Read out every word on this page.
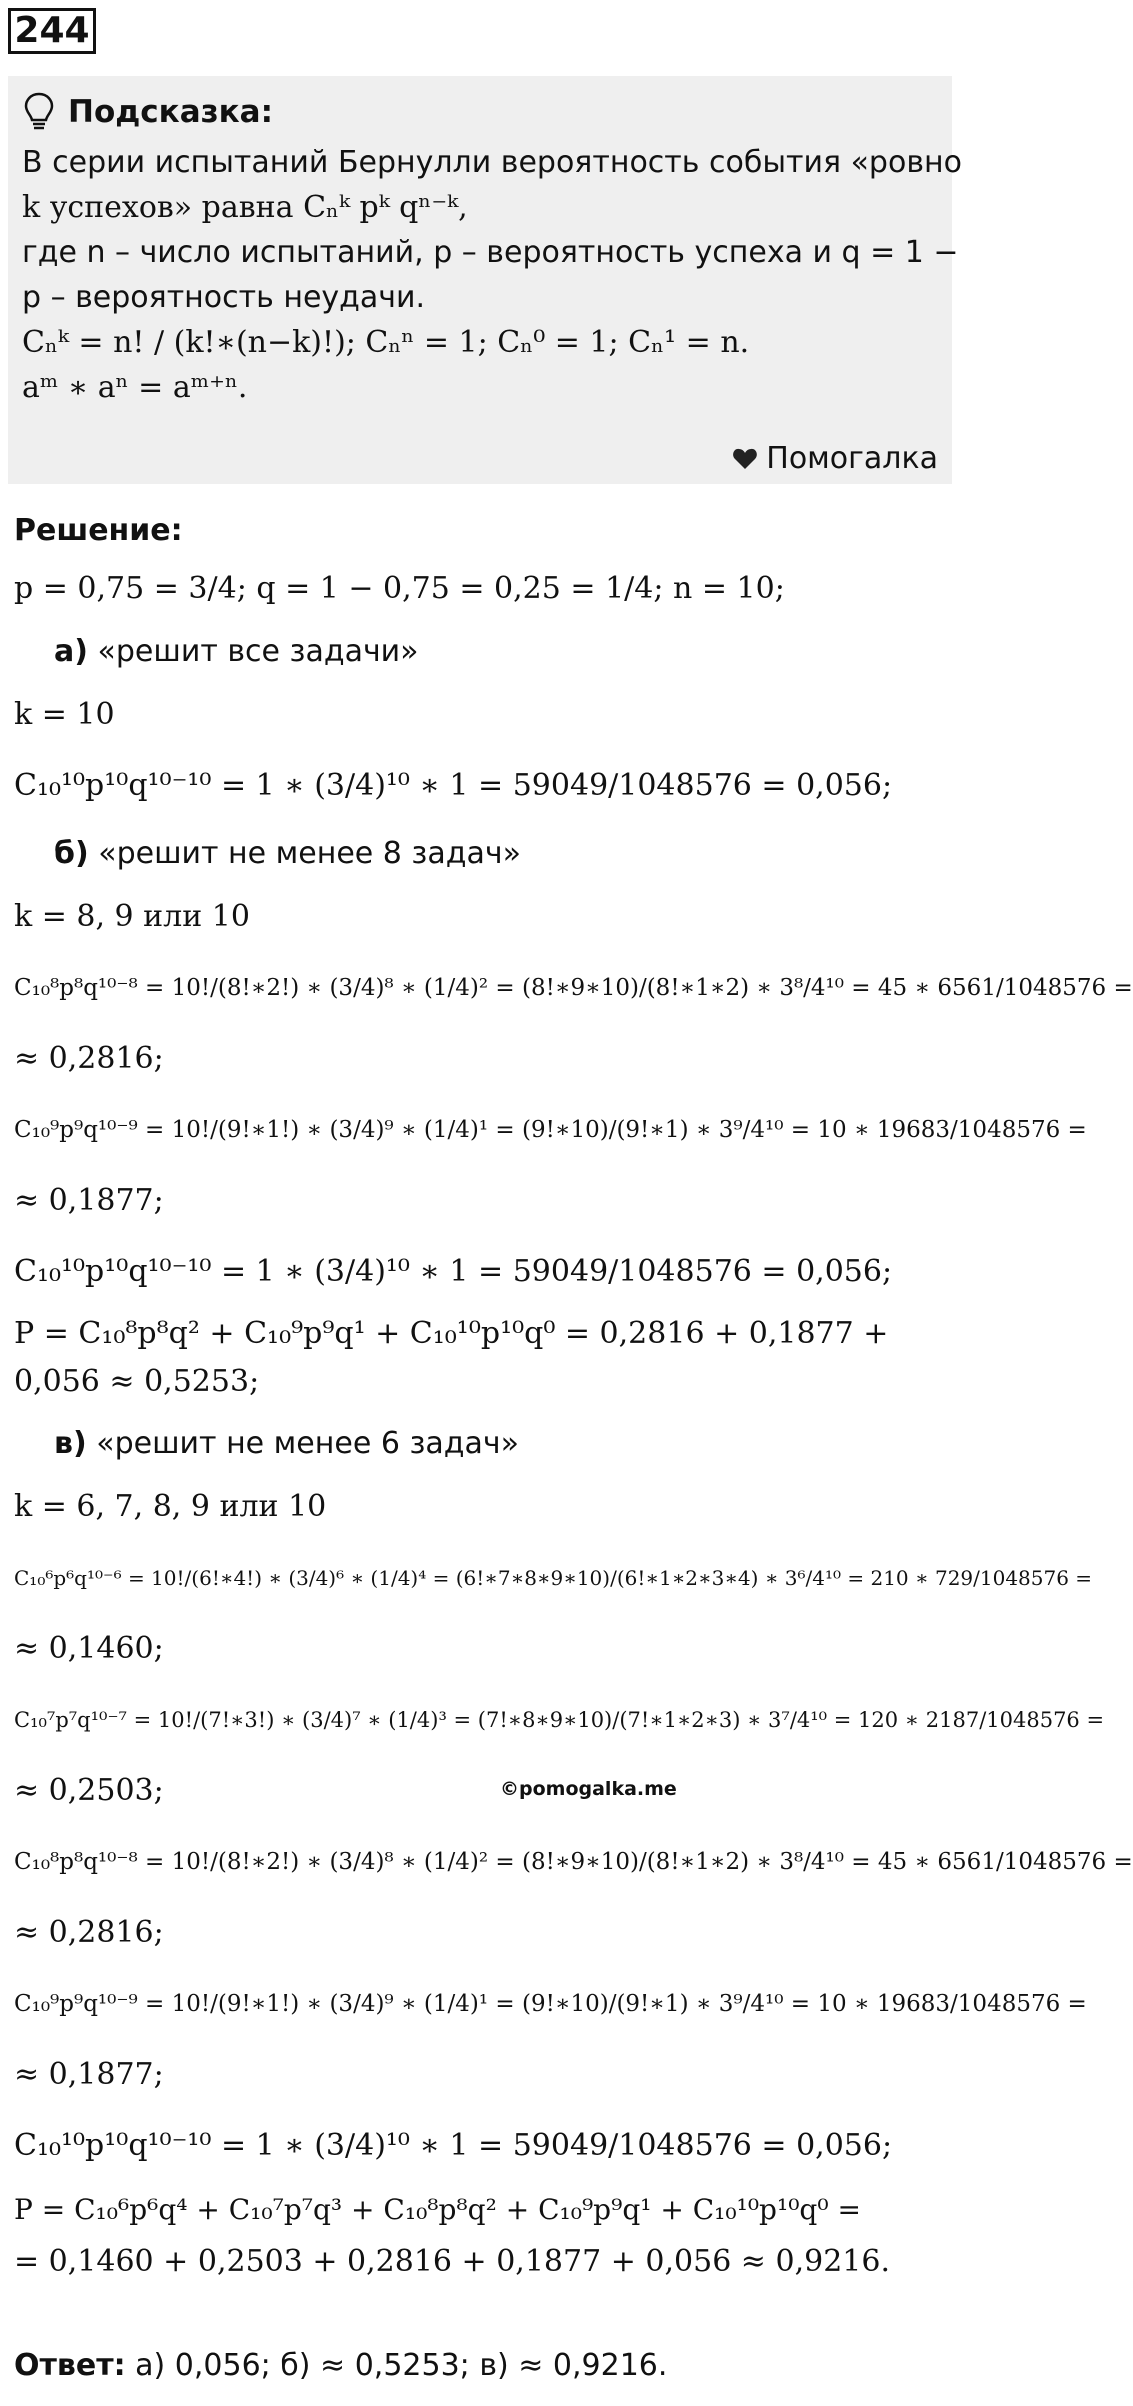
244
Подсказка:
В серии испытаний Бернулли вероятность события «ровно
k успехов» равна Cₙᵏ pᵏ qⁿ⁻ᵏ,
где n – число испытаний, p – вероятность успеха и q = 1 −
p – вероятность неудачи.
Cₙᵏ = n! / (k!∗(n−k)!); Cₙⁿ = 1; Cₙ⁰ = 1; Cₙ¹ = n.
aᵐ ∗ aⁿ = aᵐ⁺ⁿ.
Помогалка
Решение:
p = 0,75 = 3/4; q = 1 − 0,75 = 0,25 = 1/4; n = 10;
а) «решит все задачи»
k = 10
C₁₀¹⁰p¹⁰q¹⁰⁻¹⁰ = 1 ∗ (3/4)¹⁰ ∗ 1 = 59049/1048576 = 0,056;
б) «решит не менее 8 задач»
k = 8, 9 или 10
C₁₀⁸p⁸q¹⁰⁻⁸ = 10!/(8!∗2!) ∗ (3/4)⁸ ∗ (1/4)² = (8!∗9∗10)/(8!∗1∗2) ∗ 3⁸/4¹⁰ = 45 ∗ 6561/1048576 =
≈ 0,2816;
C₁₀⁹p⁹q¹⁰⁻⁹ = 10!/(9!∗1!) ∗ (3/4)⁹ ∗ (1/4)¹ = (9!∗10)/(9!∗1) ∗ 3⁹/4¹⁰ = 10 ∗ 19683/1048576 =
≈ 0,1877;
C₁₀¹⁰p¹⁰q¹⁰⁻¹⁰ = 1 ∗ (3/4)¹⁰ ∗ 1 = 59049/1048576 = 0,056;
P = C₁₀⁸p⁸q² + C₁₀⁹p⁹q¹ + C₁₀¹⁰p¹⁰q⁰ = 0,2816 + 0,1877 +
0,056 ≈ 0,5253;
в) «решит не менее 6 задач»
k = 6, 7, 8, 9 или 10
C₁₀⁶p⁶q¹⁰⁻⁶ = 10!/(6!∗4!) ∗ (3/4)⁶ ∗ (1/4)⁴ = (6!∗7∗8∗9∗10)/(6!∗1∗2∗3∗4) ∗ 3⁶/4¹⁰ = 210 ∗ 729/1048576 =
≈ 0,1460;
C₁₀⁷p⁷q¹⁰⁻⁷ = 10!/(7!∗3!) ∗ (3/4)⁷ ∗ (1/4)³ = (7!∗8∗9∗10)/(7!∗1∗2∗3) ∗ 3⁷/4¹⁰ = 120 ∗ 2187/1048576 =
≈ 0,2503;
C₁₀⁸p⁸q¹⁰⁻⁸ = 10!/(8!∗2!) ∗ (3/4)⁸ ∗ (1/4)² = (8!∗9∗10)/(8!∗1∗2) ∗ 3⁸/4¹⁰ = 45 ∗ 6561/1048576 =
≈ 0,2816;
C₁₀⁹p⁹q¹⁰⁻⁹ = 10!/(9!∗1!) ∗ (3/4)⁹ ∗ (1/4)¹ = (9!∗10)/(9!∗1) ∗ 3⁹/4¹⁰ = 10 ∗ 19683/1048576 =
≈ 0,1877;
C₁₀¹⁰p¹⁰q¹⁰⁻¹⁰ = 1 ∗ (3/4)¹⁰ ∗ 1 = 59049/1048576 = 0,056;
P = C₁₀⁶p⁶q⁴ + C₁₀⁷p⁷q³ + C₁₀⁸p⁸q² + C₁₀⁹p⁹q¹ + C₁₀¹⁰p¹⁰q⁰ =
= 0,1460 + 0,2503 + 0,2816 + 0,1877 + 0,056 ≈ 0,9216.
©pomogalka.me
Ответ: а) 0,056; б) ≈ 0,5253; в) ≈ 0,9216.
